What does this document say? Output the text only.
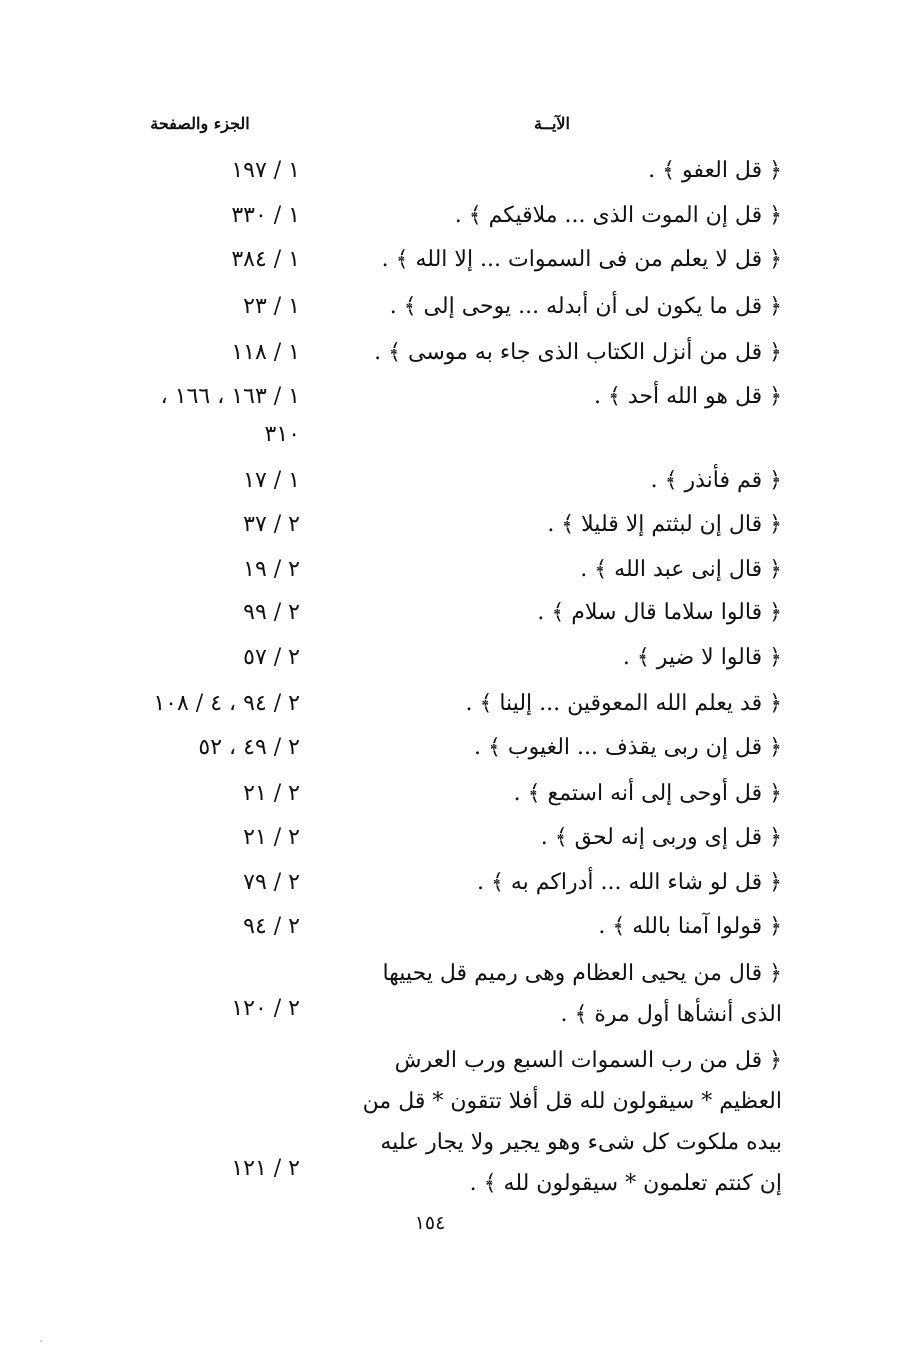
الآيــة
الجزء والصفحة
﴿ قل العفو ﴾ .
١ / ١٩٧
﴿ قل إن الموت الذى ... ملاقيكم ﴾ .
١ / ٣٣٠
﴿ قل لا يعلم من فى السموات ... إلا الله ﴾ .
١ / ٣٨٤
﴿ قل ما يكون لى أن أبدله ... يوحى إلى ﴾ .
١ / ٢٣
﴿ قل من أنزل الكتاب الذى جاء به موسى ﴾ .
١ / ١١٨
﴿ قل هو الله أحد ﴾ .
١ / ١٦٣ ، ١٦٦ ،
٣١٠
﴿ قم فأنذر ﴾ .
١ / ١٧
﴿ قال إن لبثتم إلا قليلا ﴾ .
٢ / ٣٧
﴿ قال إنى عبد الله ﴾ .
٢ / ١٩
﴿ قالوا سلاما قال سلام ﴾ .
٢ / ٩٩
﴿ قالوا لا ضير ﴾ .
٢ / ٥٧
﴿ قد يعلم الله المعوقين ... إلينا ﴾ .
٢ / ٩٤ ، ٤ / ١٠٨
﴿ قل إن ربى يقذف ... الغيوب ﴾ .
٢ / ٤٩ ، ٥٢
﴿ قل أوحى إلى أنه استمع ﴾ .
٢ / ٢١
﴿ قل إى وربى إنه لحق ﴾ .
٢ / ٢١
﴿ قل لو شاء الله ... أدراكم به ﴾ .
٢ / ٧٩
﴿ قولوا آمنا بالله ﴾ .
٢ / ٩٤
﴿ قال من يحيى العظام وهى رميم قل يحييها الذى أنشأها أول مرة ﴾ .
٢ / ١٢٠
﴿ قل من رب السموات السبع ورب العرش العظيم * سيقولون لله قل أفلا تتقون * قل من بيده ملكوت كل شىء وهو يجير ولا يجار عليه إن كنتم تعلمون * سيقولون لله ﴾ .
٢ / ١٢١
١٥٤
